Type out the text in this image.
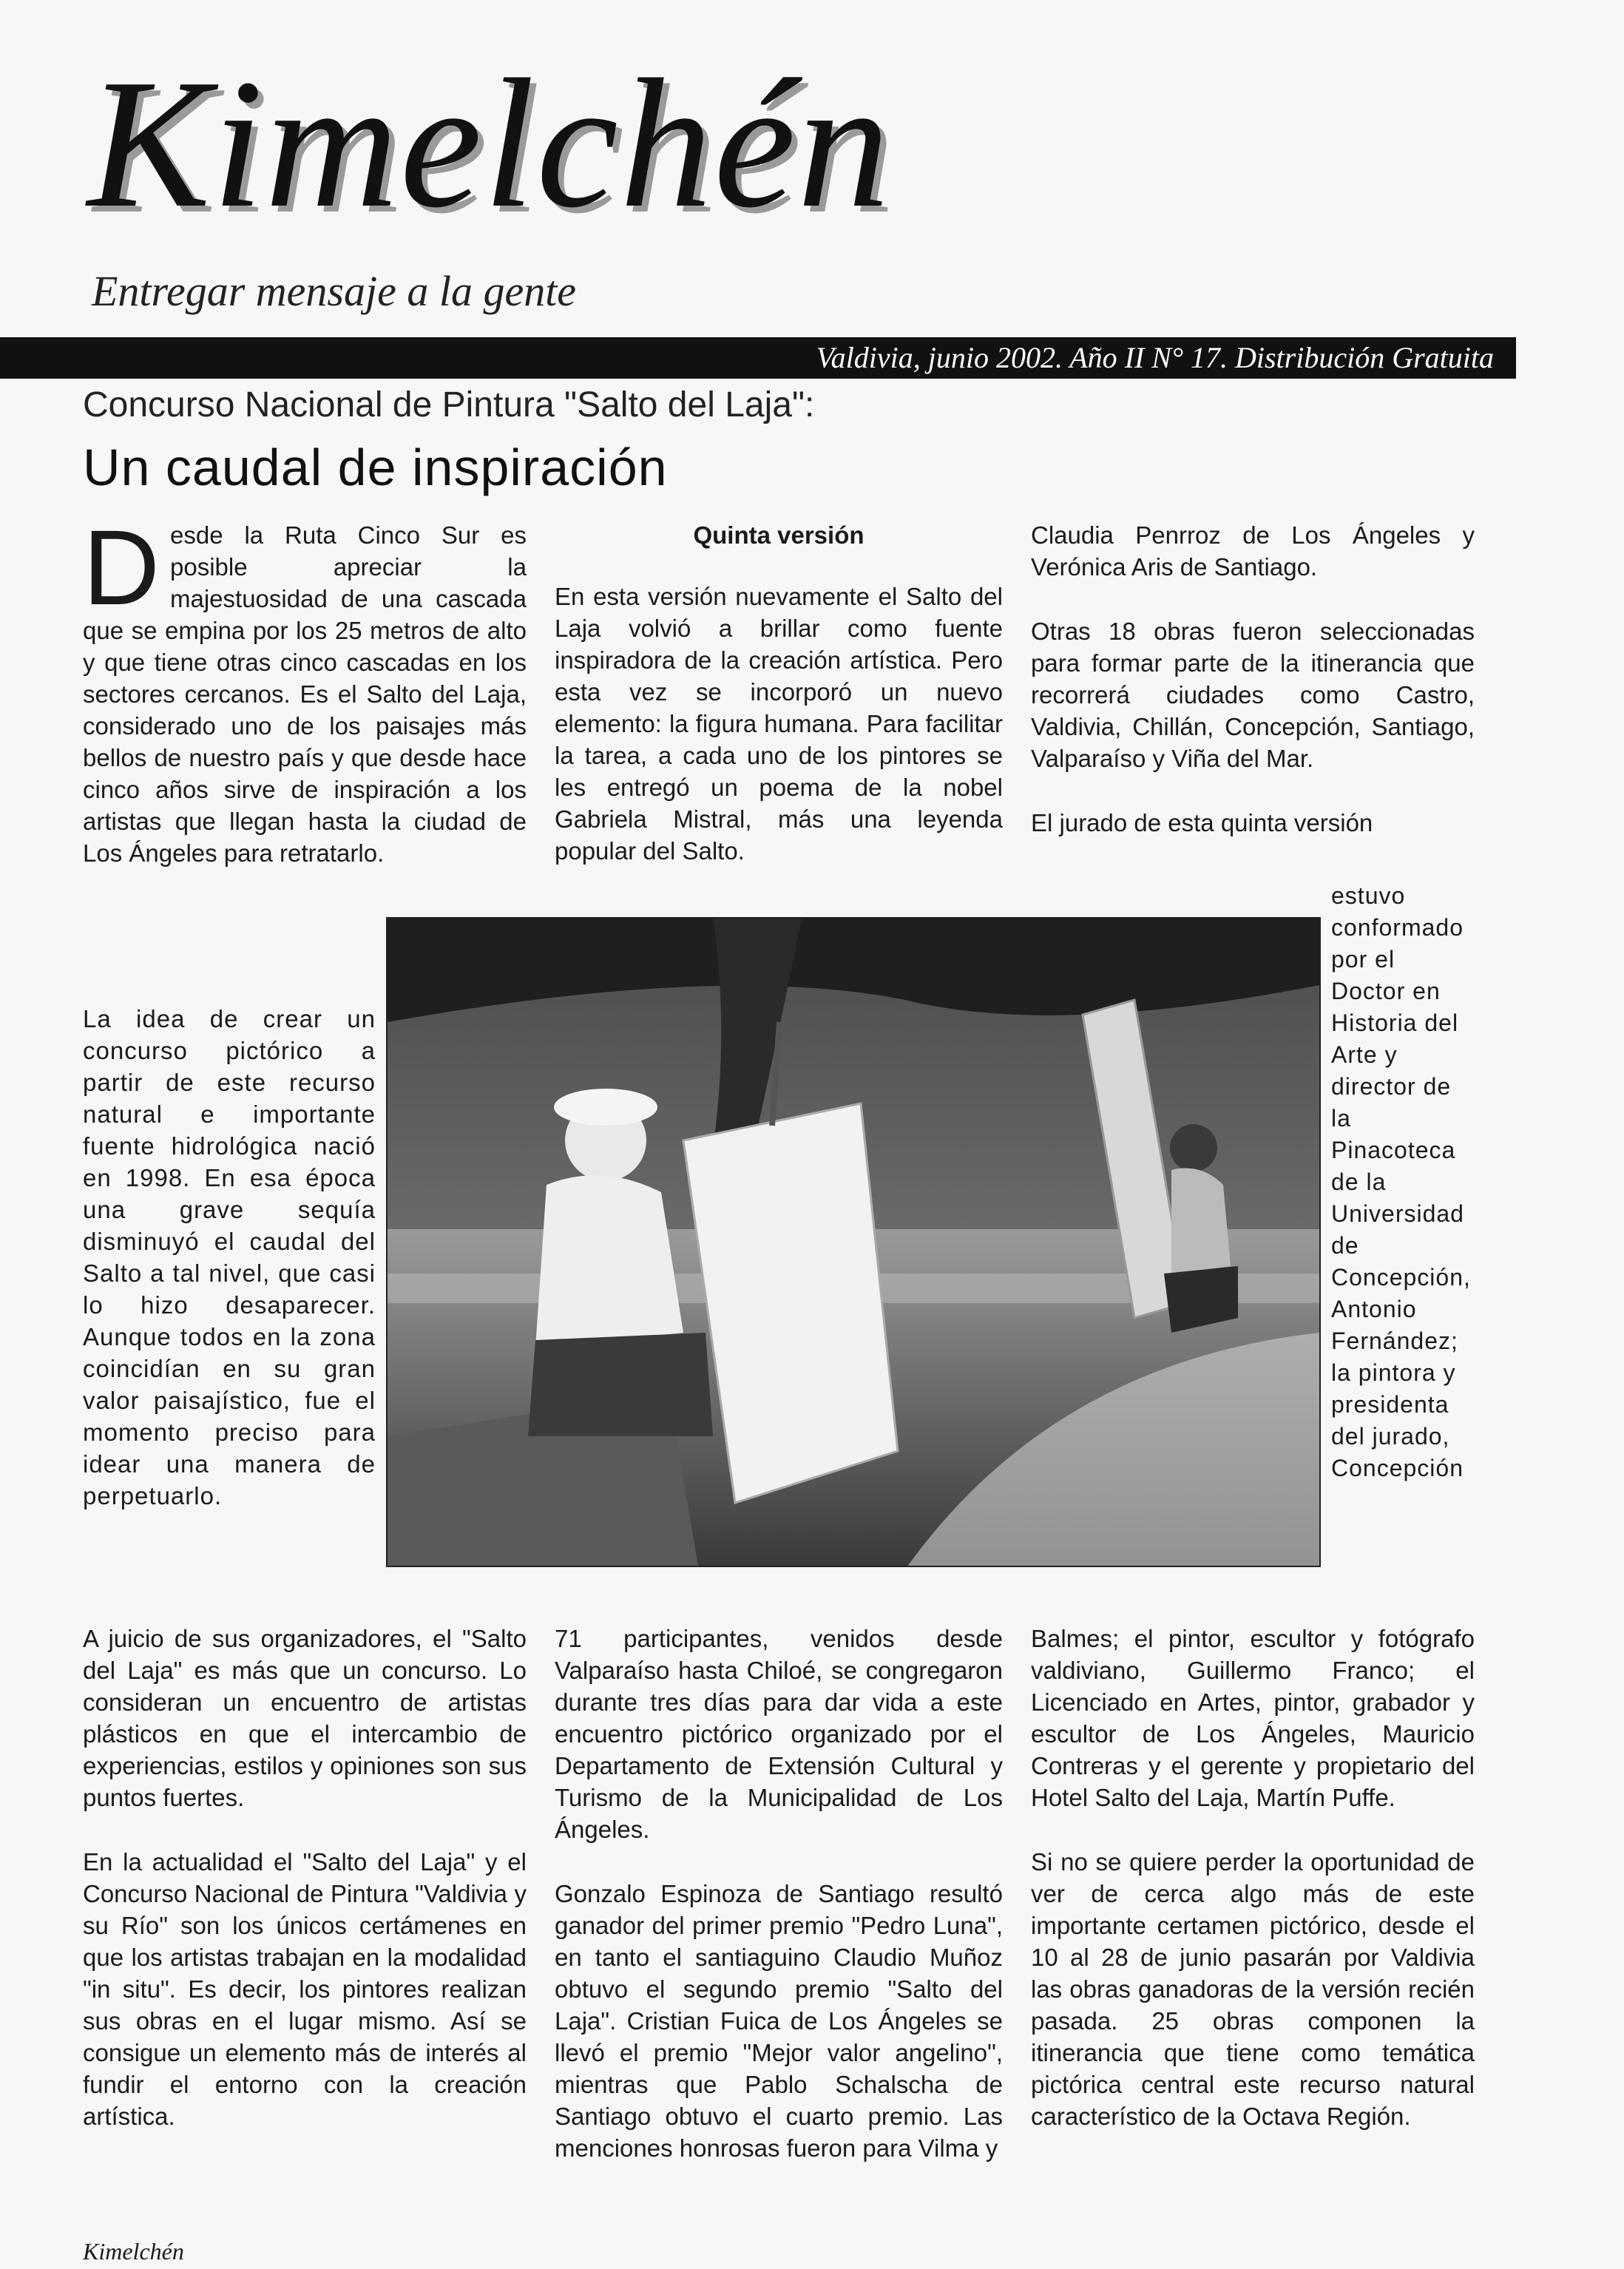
Kimelchén

Entregar mensaje a la gente

Valdivia, junio 2002. Año II N° 17. Distribución Gratuita
Concurso Nacional de Pintura "Salto del Laja":
Un caudal de inspiración

Desde la Ruta Cinco Sur es posible apreciar la majestuosidad de una cascada que se empina por los 25 metros de alto y que tiene otras cinco cascadas en los sectores cercanos. Es el Salto del Laja, considerado uno de los paisajes más bellos de nuestro país y que desde hace cinco años sirve de inspiración a los artistas que llegan hasta la ciudad de Los Ángeles para retratarlo.

La idea de crear un concurso pictórico a partir de este recurso natural e importante fuente hidrológica nació en 1998. En esa época una grave sequía disminuyó el caudal del Salto a tal nivel, que casi lo hizo desaparecer. Aunque todos en la zona coincidían en su gran valor paisajístico, fue el momento preciso para idear una manera de perpetuarlo.

A juicio de sus organizadores, el "Salto del Laja" es más que un concurso. Lo consideran un encuentro de artistas plásticos en que el intercambio de experiencias, estilos y opiniones son sus puntos fuertes.

En la actualidad el "Salto del Laja" y el Concurso Nacional de Pintura "Valdivia y su Río" son los únicos certámenes en que los artistas trabajan en la modalidad "in situ". Es decir, los pintores realizan sus obras en el lugar mismo. Así se consigue un elemento más de interés al fundir el entorno con la creación artística.

Quinta versión

En esta versión nuevamente el Salto del Laja volvió a brillar como fuente inspiradora de la creación artística. Pero esta vez se incorporó un nuevo elemento: la figura humana. Para facilitar la tarea, a cada uno de los pintores se les entregó un poema de la nobel Gabriela Mistral, más una leyenda popular del Salto.

71 participantes, venidos desde Valparaíso hasta Chiloé, se congregaron durante tres días para dar vida a este encuentro pictórico organizado por el Departamento de Extensión Cultural y Turismo de la Municipalidad de Los Ángeles.

Gonzalo Espinoza de Santiago resultó ganador del primer premio "Pedro Luna", en tanto el santiaguino Claudio Muñoz obtuvo el segundo premio "Salto del Laja". Cristian Fuica de Los Ángeles se llevó el premio "Mejor valor angelino", mientras que Pablo Schalscha de Santiago obtuvo el cuarto premio. Las menciones honrosas fueron para Vilma y

Claudia Penrroz de Los Ángeles y Verónica Aris de Santiago.

Otras 18 obras fueron seleccionadas para formar parte de la itinerancia que recorrerá ciudades como Castro, Valdivia, Chillán, Concepción, Santiago, Valparaíso y Viña del Mar.

El jurado de esta quinta versión

estuvo conformado por el Doctor en Historia del Arte y director de la Pinacoteca de la Universidad de Concepción, Antonio Fernández; la pintora y presidenta del jurado, Concepción

Balmes; el pintor, escultor y fotógrafo valdiviano, Guillermo Franco; el Licenciado en Artes, pintor, grabador y escultor de Los Ángeles, Mauricio Contreras y el gerente y propietario del Hotel Salto del Laja, Martín Puffe.

Si no se quiere perder la oportunidad de ver de cerca algo más de este importante certamen pictórico, desde el 10 al 28 de junio pasarán por Valdivia las obras ganadoras de la versión recién pasada. 25 obras componen la itinerancia que tiene como temática pictórica central este recurso natural característico de la Octava Región.

Kimelchén
